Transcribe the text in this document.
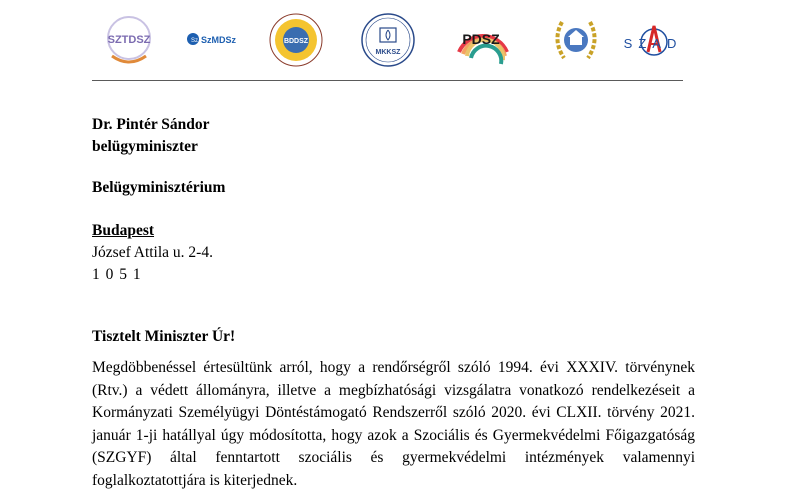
SZTDSZ	Sz SzMDSz	BDDSZ
MKKSZ
PDSZ	SZAD
Dr. Pintér Sándor
belügyminiszter
Belügyminisztérium
Budapest
József Attila u. 2-4.
1 0 5 1
Tisztelt Miniszter Úr!
Megdöbbenéssel értesültünk arról, hogy a rendőrségről szóló 1994. évi XXXIV. törvénynek
(Rtv.) a védett állományra, illetve a megbízhatósági vizsgálatra vonatkozó rendelkezéseit a
Kormányzati Személyügyi Döntéstámogató Rendszerről szóló 2020. évi CLXII. törvény 2021.
január 1-ji hatállyal úgy módosította, hogy azok a Szociális és Gyermekvédelmi Főigazgatóság
(SZGYF) által fenntartott szociális és gyermekvédelmi intézmények valamennyi
foglalkoztatottjára is kiterjednek.
